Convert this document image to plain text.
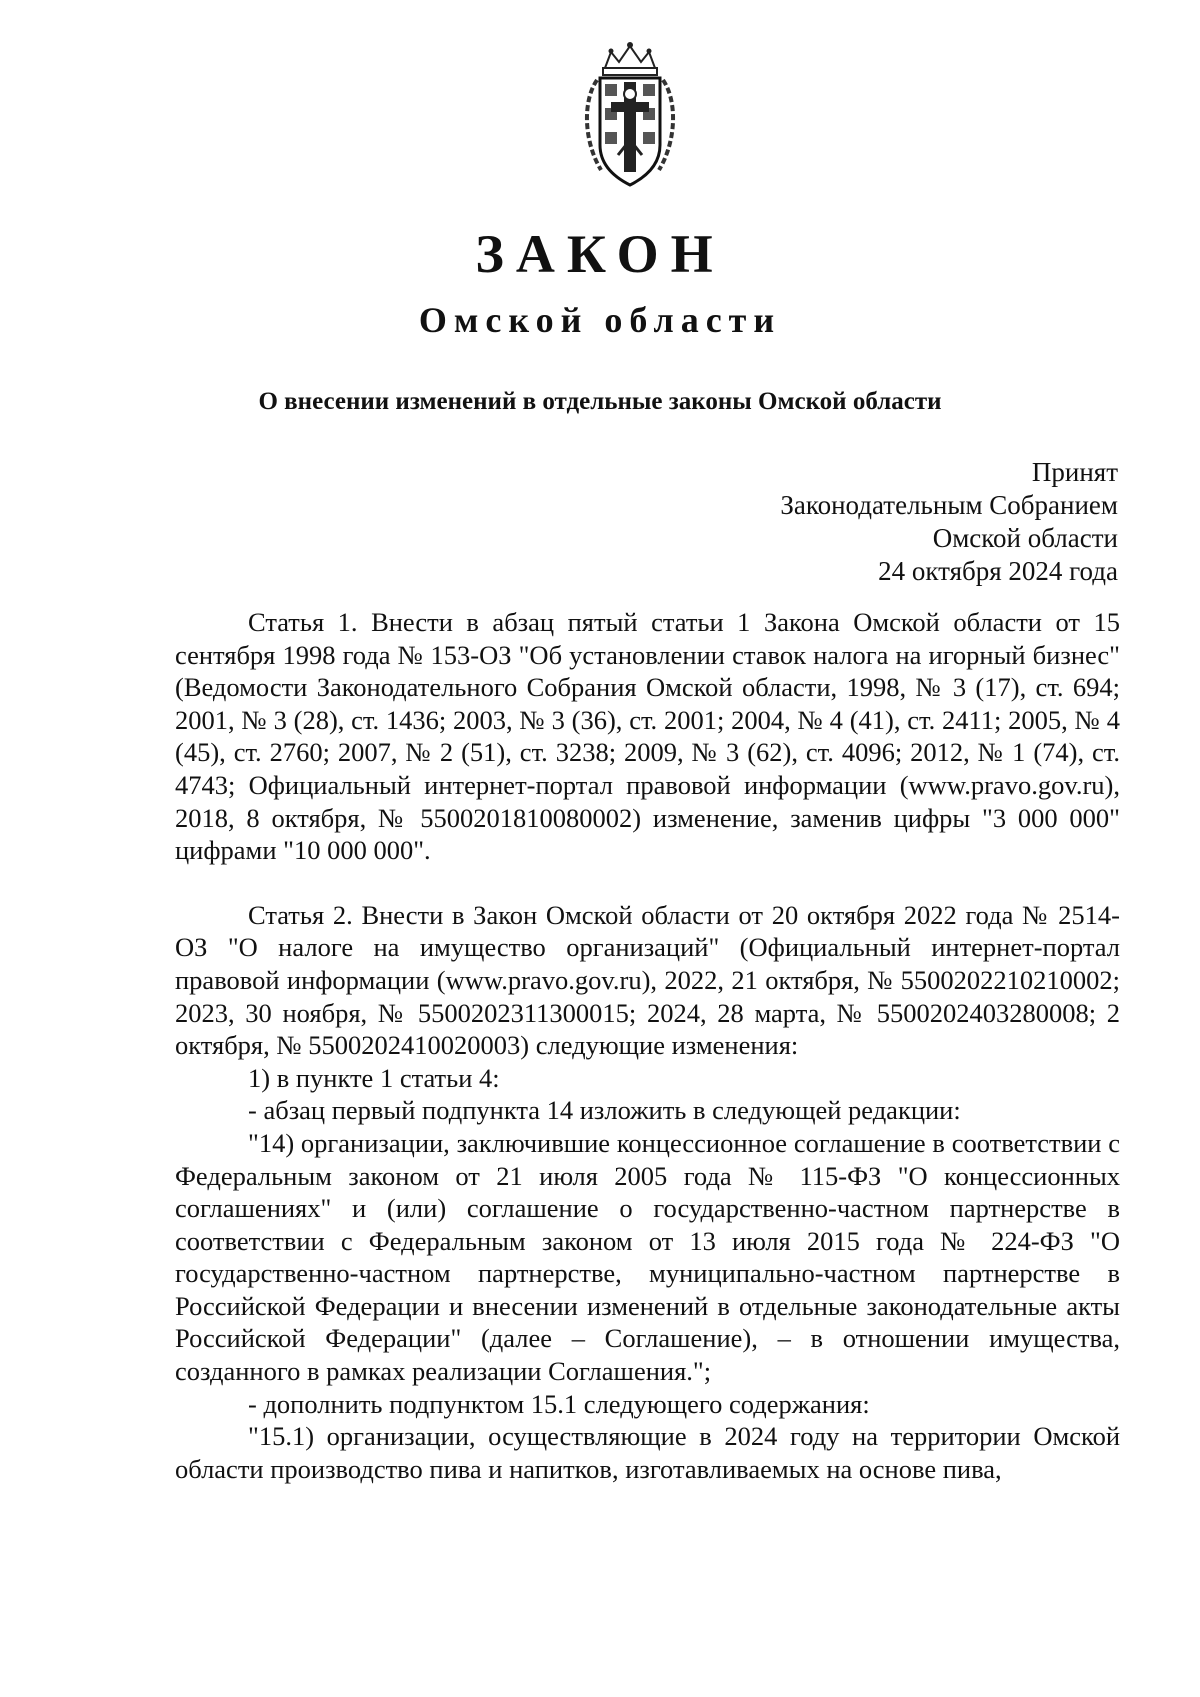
ЗАКОН
Омской области
О внесении изменений в отдельные законы Омской области
Принят
Законодательным Собранием
Омской области
24 октября 2024 года

Статья 1. Внести в абзац пятый статьи 1 Закона Омской области от 15 сентября 1998 года № 153-ОЗ "Об установлении ставок налога на игорный бизнес" (Ведомости Законодательного Собрания Омской области, 1998, № 3 (17), ст. 694; 2001, № 3 (28), ст. 1436; 2003, № 3 (36), ст. 2001; 2004, № 4 (41), ст. 2411; 2005, № 4 (45), ст. 2760; 2007, № 2 (51), ст. 3238; 2009, № 3 (62), ст. 4096; 2012, № 1 (74), ст. 4743; Официальный интернет-портал правовой информации (www.pravo.gov.ru), 2018, 8 октября, № 5500201810080002) изменение, заменив цифры "3 000 000" цифрами "10 000 000".

Статья 2. Внести в Закон Омской области от 20 октября 2022 года № 2514-ОЗ "О налоге на имущество организаций" (Официальный интернет-портал правовой информации (www.pravo.gov.ru), 2022, 21 октября, № 5500202210210002; 2023, 30 ноября, № 5500202311300015; 2024, 28 марта, № 5500202403280008; 2 октября, № 5500202410020003) следующие изменения:

1) в пункте 1 статьи 4:

- абзац первый подпункта 14 изложить в следующей редакции:

"14) организации, заключившие концессионное соглашение в соответствии с Федеральным законом от 21 июля 2005 года № 115-ФЗ "О концессионных соглашениях" и (или) соглашение о государственно-частном партнерстве в соответствии с Федеральным законом от 13 июля 2015 года № 224-ФЗ "О государственно-частном партнерстве, муниципально-частном партнерстве в Российской Федерации и внесении изменений в отдельные законодательные акты Российской Федерации" (далее – Соглашение), – в отношении имущества, созданного в рамках реализации Соглашения.";

- дополнить подпунктом 15.1 следующего содержания:

"15.1) организации, осуществляющие в 2024 году на территории Омской области производство пива и напитков, изготавливаемых на основе пива,
